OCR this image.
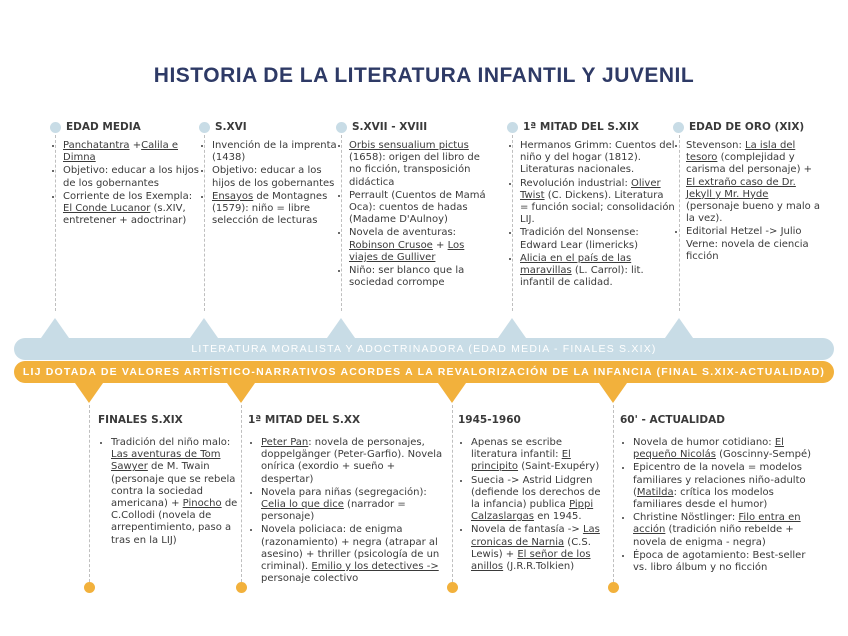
HISTORIA DE LA LITERATURA INFANTIL Y JUVENIL
EDAD MEDIA
• Panchatantra +Calila e Dimna
• Objetivo: educar a los hijos de los gobernantes
• Corriente de los Exempla: El Conde Lucanor (s.XIV, entretener + adoctrinar)
S.XVI
• Invención de la imprenta (1438)
• Objetivo: educar a los hijos de los gobernantes
• Ensayos de Montagnes (1579): niño = libre selección de lecturas
S.XVII - XVIII
• Orbis sensualium pictus (1658): origen del libro de no ficción, transposición didáctica
• Perrault (Cuentos de Mamá Oca): cuentos de hadas (Madame D'Aulnoy)
• Novela de aventuras: Robinson Crusoe + Los viajes de Gulliver
• Niño: ser blanco que la sociedad corrompe
1ª MITAD DEL S.XIX
• Hermanos Grimm: Cuentos del niño y del hogar (1812). Literaturas nacionales.
• Revolución industrial: Oliver Twist (C. Dickens). Literatura = función social; consolidación LIJ.
• Tradición del Nonsense: Edward Lear (limericks)
• Alicia en el país de las maravillas (L. Carrol): lit. infantil de calidad.
EDAD DE ORO (XIX)
• Stevenson: La isla del tesoro (complejidad y carisma del personaje) + El extraño caso de Dr. Jekyll y Mr. Hyde (personaje bueno y malo a la vez).
• Editorial Hetzel -> Julio Verne: novela de ciencia ficción
LITERATURA MORALISTA Y ADOCTRINADORA (EDAD MEDIA - FINALES S.XIX)
LIJ DOTADA DE VALORES ARTÍSTICO-NARRATIVOS ACORDES A LA REVALORIZACIÓN DE LA INFANCIA (FINAL S.XIX-ACTUALIDAD)
FINALES S.XIX
• Tradición del niño malo: Las aventuras de Tom Sawyer de M. Twain (personaje que se rebela contra la sociedad americana) + Pinocho de C.Collodi (novela de arrepentimiento, paso a tras en la LIJ)
1ª MITAD DEL S.XX
• Peter Pan: novela de personajes, doppelgänger (Peter-Garfio). Novela onírica (exordio + sueño + despertar)
• Novela para niñas (segregación): Celia lo que dice (narrador = personaje)
• Novela policiaca: de enigma (razonamiento) + negra (atrapar al asesino) + thriller (psicología de un criminal). Emilio y los detectives -> personaje colectivo
1945-1960
• Apenas se escribe literatura infantil: El principito (Saint-Exupéry)
• Suecia -> Astrid Lidgren (defiende los derechos de la infancia) publica Pippi Calzaslargas en 1945.
• Novela de fantasía -> Las cronicas de Narnia (C.S. Lewis) + El señor de los anillos (J.R.R.Tolkien)
60' - ACTUALIDAD
• Novela de humor cotidiano: El pequeño Nicolás (Goscinny-Sempé)
• Epicentro de la novela = modelos familiares y relaciones niño-adulto (Matilda: crítica los modelos familiares desde el humor)
• Christine Nöstlinger: Filo entra en acción (tradición niño rebelde + novela de enigma - negra)
• Época de agotamiento: Best-seller vs. libro álbum y no ficción
